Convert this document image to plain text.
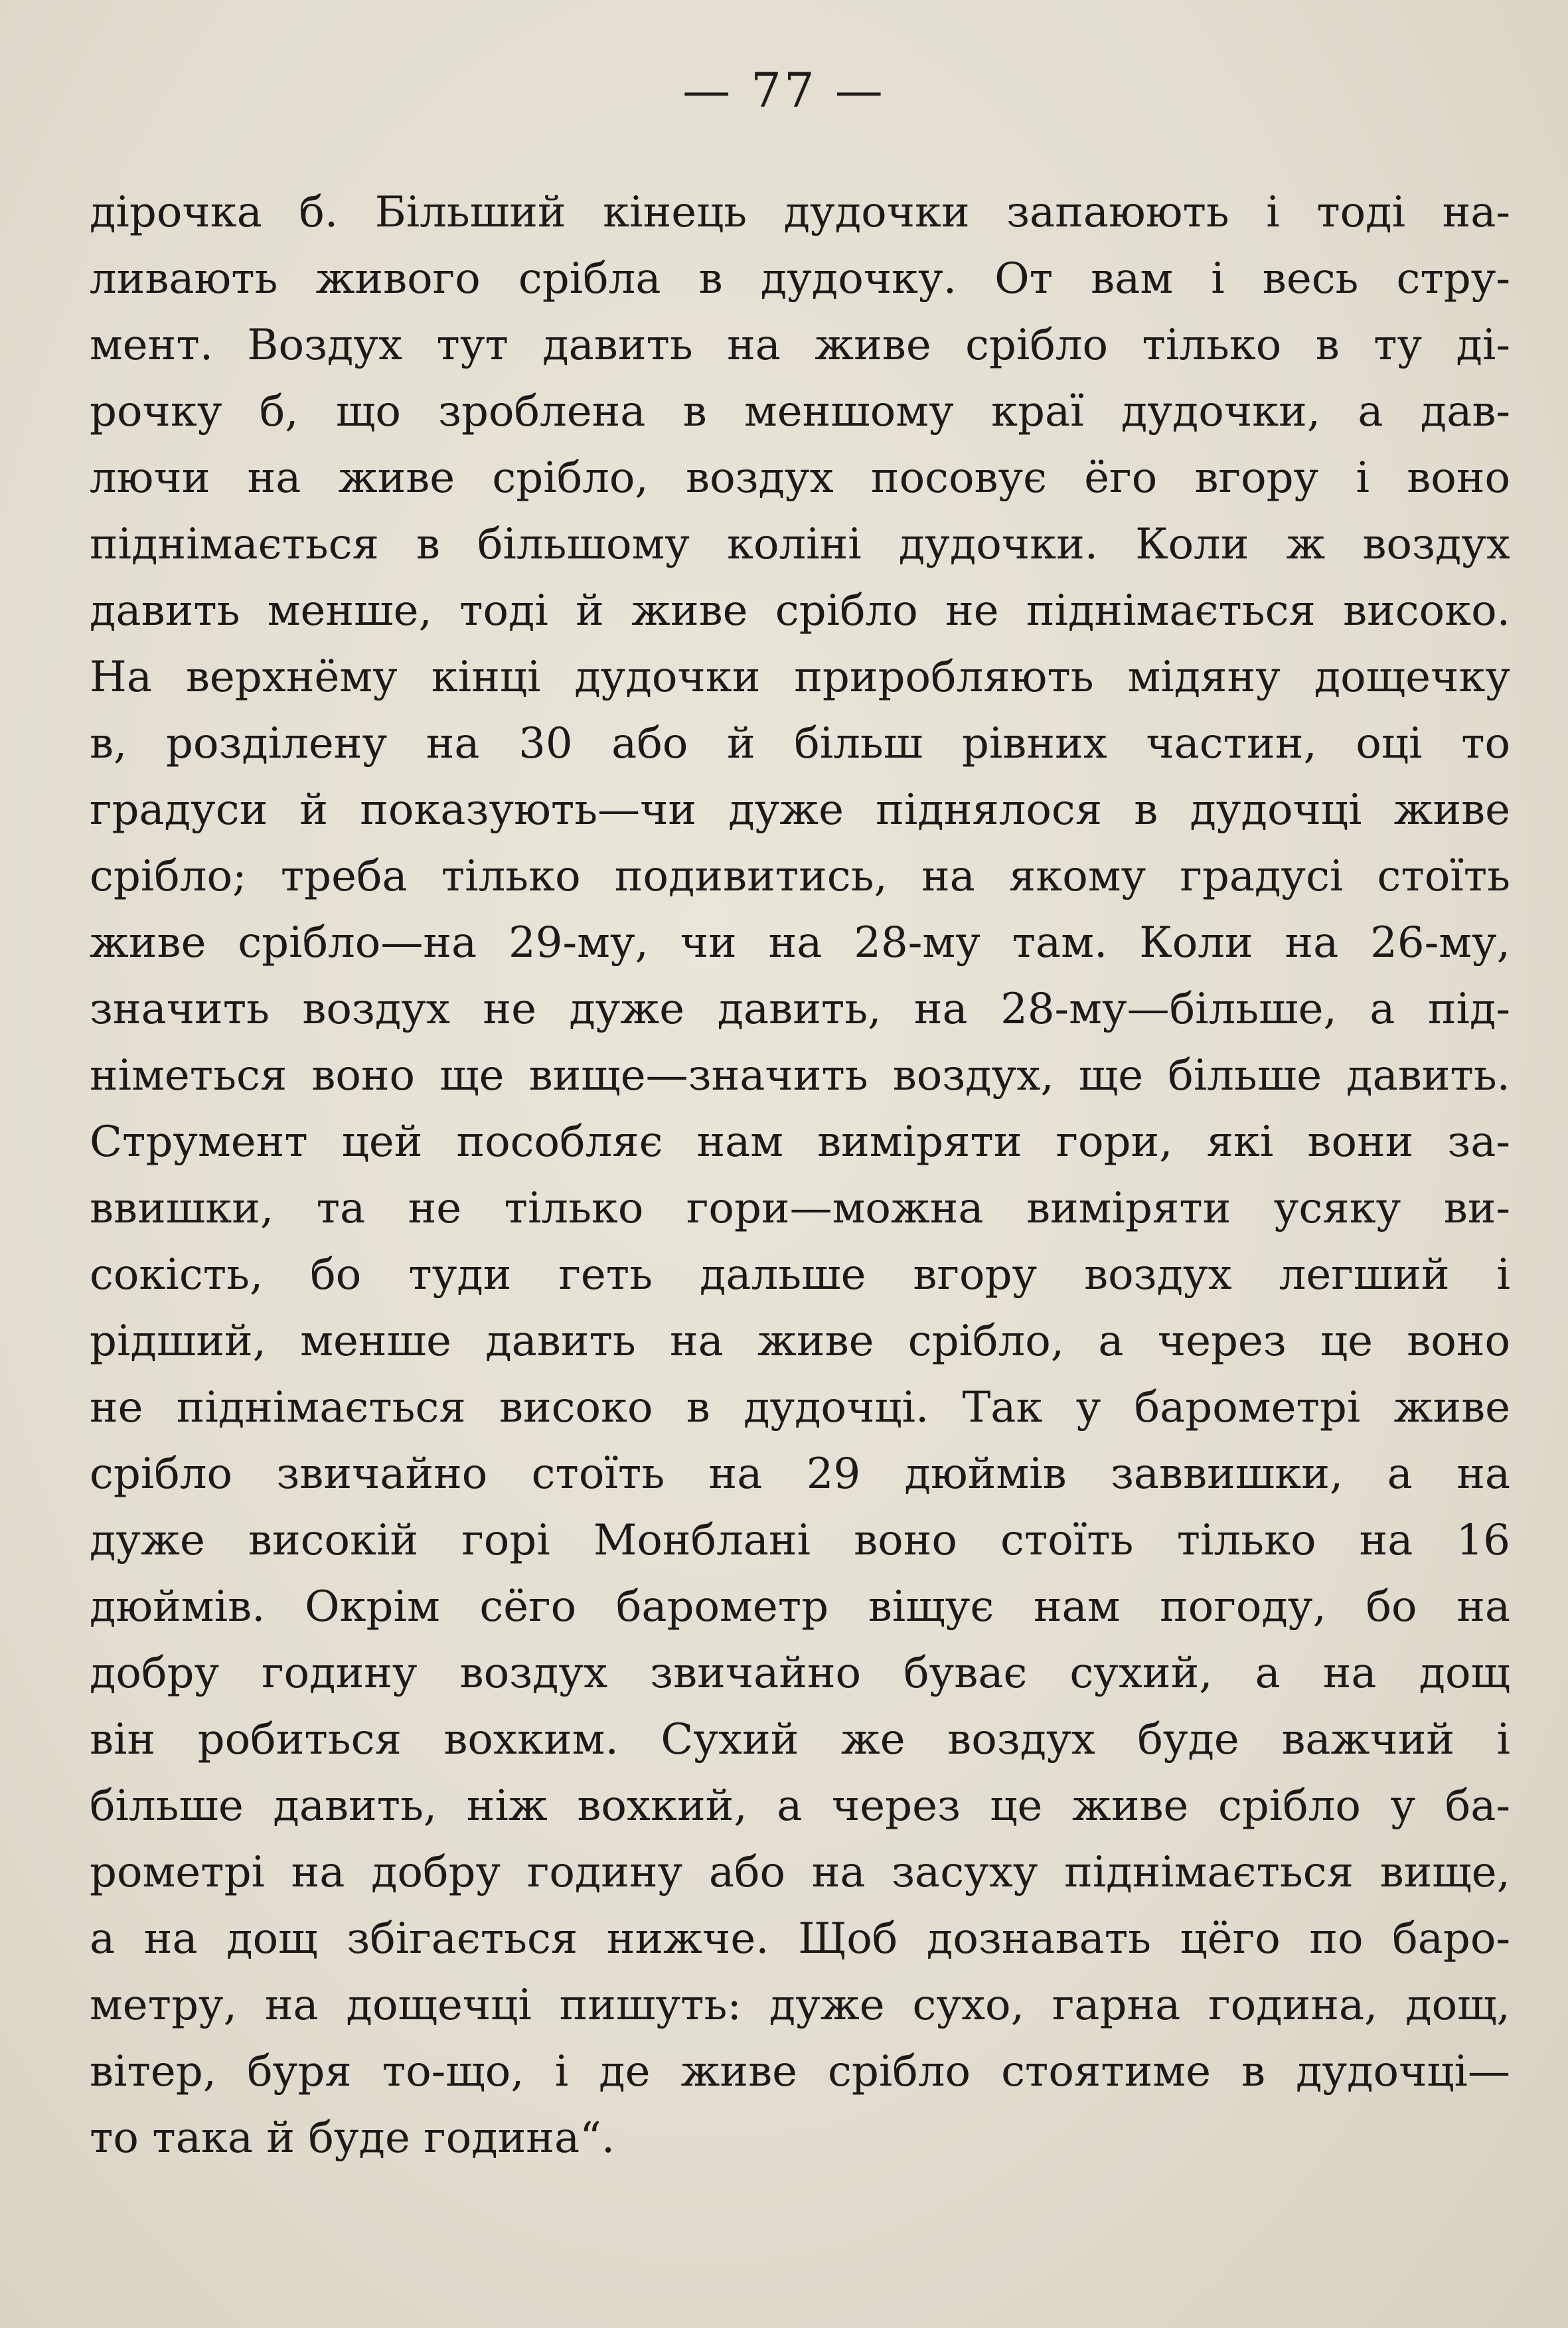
— 77 —
дірочка б. Більший кінець дудочки запаюють і тоді на-
ливають живого срібла в дудочку. От вам і весь стру-
мент. Воздух тут давить на живе срібло тілько в ту ді-
рочку б, що зроблена в меншому краї дудочки, а дав-
лючи на живе срібло, воздух посовує ёго вгору і воно
піднімається в більшому коліні дудочки. Коли ж воздух
давить менше, тоді й живе срібло не піднімається високо.
На верхнёму кінці дудочки приробляють мідяну дощечку
в, розділену на 30 або й більш рівних частин, оці то
градуси й показують—чи дуже піднялося в дудочці живе
срібло; треба тілько подивитись, на якому градусі стоїть
живе срібло—на 29-му, чи на 28-му там. Коли на 26-му,
значить воздух не дуже давить, на 28-му—більше, а під-
німеться воно ще вище—значить воздух, ще більше давить.
Струмент цей пособляє нам виміряти гори, які вони за-
ввишки, та не тілько гори—можна виміряти усяку ви-
сокість, бо туди геть дальше вгору воздух легший і
рідший, менше давить на живе срібло, а через це воно
не піднімається високо в дудочці. Так у барометрі живе
срібло звичайно стоїть на 29 дюймів заввишки, а на
дуже високій горі Монблані воно стоїть тілько на 16
дюймів. Окрім сёго барометр віщує нам погоду, бо на
добру годину воздух звичайно буває сухий, а на дощ
він робиться вохким. Сухий же воздух буде важчий і
більше давить, ніж вохкий, а через це живе срібло у ба-
рометрі на добру годину або на засуху піднімається вище,
а на дощ збігається нижче. Щоб дознавать цёго по баро-
метру, на дощечці пишуть: дуже сухо, гарна година, дощ,
вітер, буря то-що, і де живе срібло стоятиме в дудочці—
то така й буде година“.
